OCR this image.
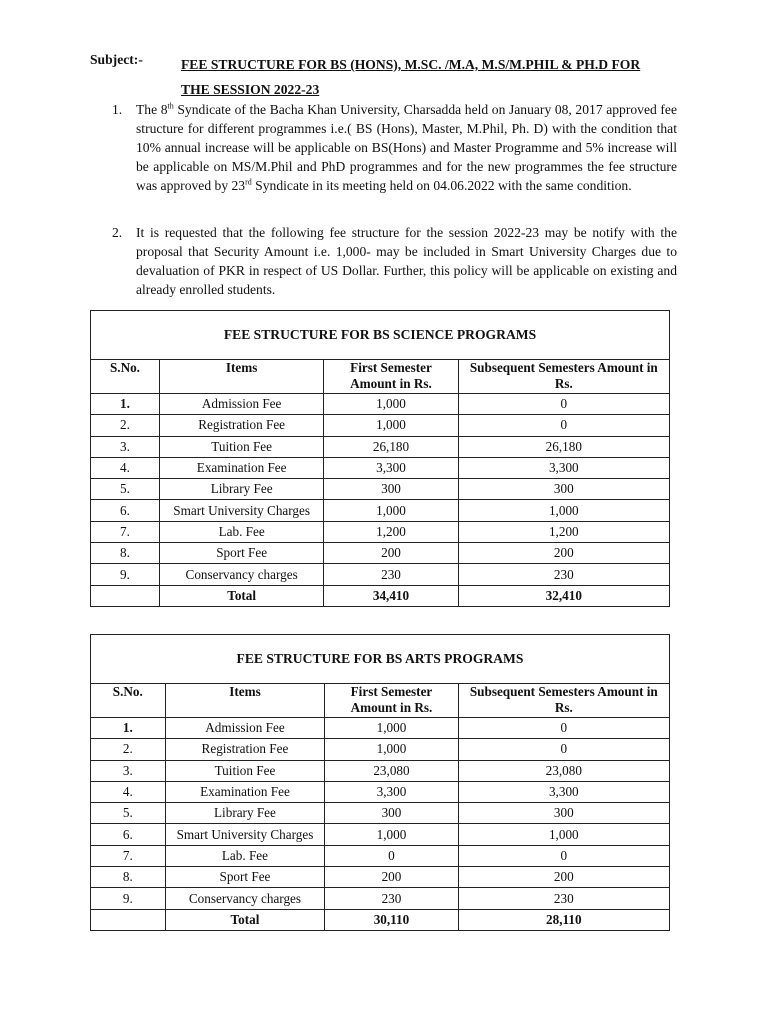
Subject:-	FEE STRUCTURE FOR BS (HONS), M.SC. /M.A, M.S/M.PHIL & PH.D FOR THE SESSION 2022-23
1. The 8th Syndicate of the Bacha Khan University, Charsadda held on January 08, 2017 approved fee structure for different programmes i.e.( BS (Hons), Master, M.Phil, Ph. D) with the condition that 10% annual increase will be applicable on BS(Hons) and Master Programme and 5% increase will be applicable on MS/M.Phil and PhD programmes and for the new programmes the fee structure was approved by 23rd Syndicate in its meeting held on 04.06.2022 with the same condition.
2. It is requested that the following fee structure for the session 2022-23 may be notify with the proposal that Security Amount i.e. 1,000- may be included in Smart University Charges due to devaluation of PKR in respect of US Dollar. Further, this policy will be applicable on existing and already enrolled students.
FEE STRUCTURE FOR BS SCIENCE PROGRAMS			
S.No.	Items	First Semester Amount in Rs.	Subsequent Semesters Amount in Rs.
1.	Admission Fee	1,000	0
2.	Registration Fee	1,000	0
3.	Tuition Fee	26,180	26,180
4.	Examination Fee	3,300	3,300
5.	Library Fee	300	300
6.	Smart University Charges	1,000	1,000
7.	Lab. Fee	1,200	1,200
8.	Sport Fee	200	200
9.	Conservancy charges	230	230
	Total	34,410	32,410
FEE STRUCTURE FOR BS ARTS PROGRAMS			
S.No.	Items	First Semester Amount in Rs.	Subsequent Semesters Amount in Rs.
1.	Admission Fee	1,000	0
2.	Registration Fee	1,000	0
3.	Tuition Fee	23,080	23,080
4.	Examination Fee	3,300	3,300
5.	Library Fee	300	300
6.	Smart University Charges	1,000	1,000
7.	Lab. Fee	0	0
8.	Sport Fee	200	200
9.	Conservancy charges	230	230
	Total	30,110	28,110
